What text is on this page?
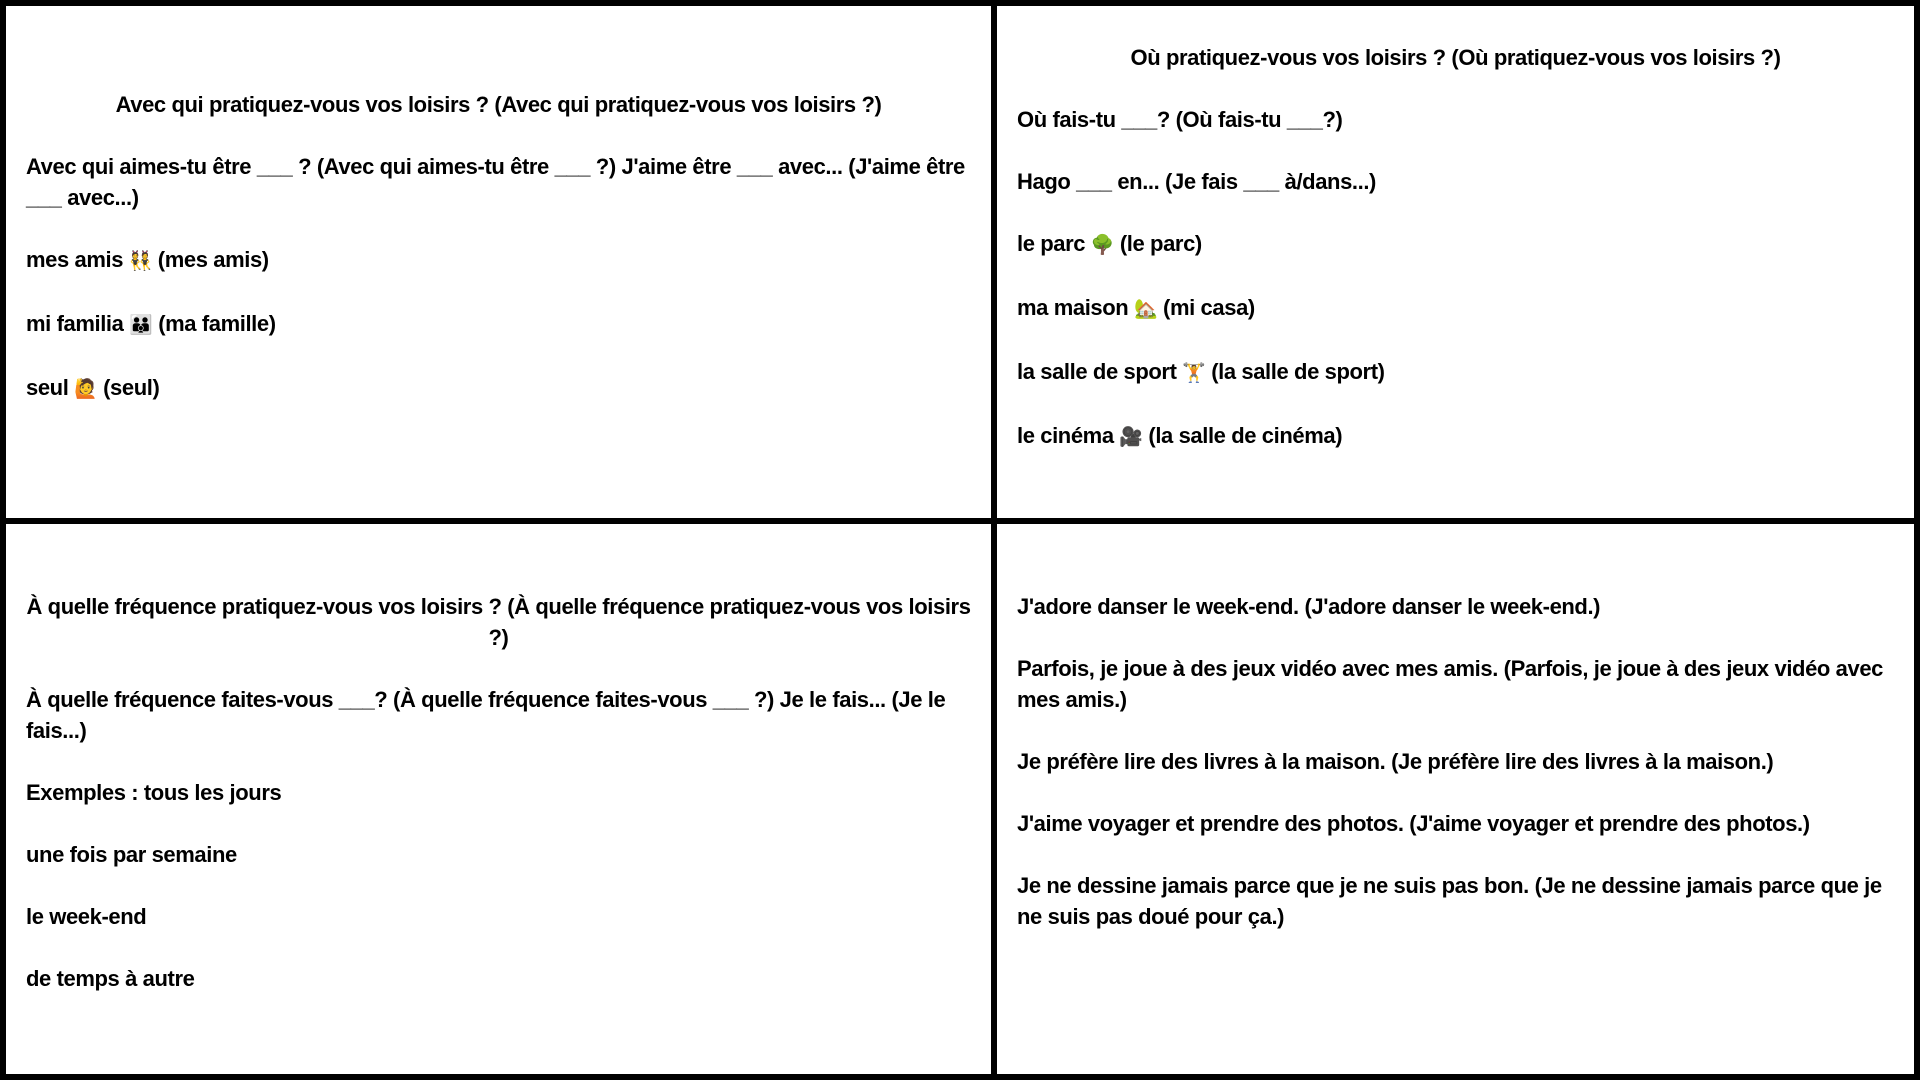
Avec qui pratiquez-vous vos loisirs ? (Avec qui pratiquez-vous vos loisirs ?)

Avec qui aimes-tu être ___ ? (Avec qui aimes-tu être ___ ?) J'aime être ___ avec... (J'aime être ___ avec...)

mes amis 👯 (mes amis)

mi familia 👪 (ma famille)

seul 🙋 (seul)

Où pratiquez-vous vos loisirs ? (Où pratiquez-vous vos loisirs ?)

Où fais-tu ___? (Où fais-tu ___?)

Hago ___ en... (Je fais ___ à/dans...)

le parc 🌳 (le parc)

ma maison 🏡 (mi casa)

la salle de sport 🏋 (la salle de sport)

le cinéma 🎥 (la salle de cinéma)

À quelle fréquence pratiquez-vous vos loisirs ? (À quelle fréquence pratiquez-vous vos loisirs ?)

À quelle fréquence faites-vous ___? (À quelle fréquence faites-vous ___ ?) Je le fais... (Je le fais...)

Exemples : tous les jours

une fois par semaine

le week-end

de temps à autre

J'adore danser le week-end. (J'adore danser le week-end.)

Parfois, je joue à des jeux vidéo avec mes amis. (Parfois, je joue à des jeux vidéo avec mes amis.)

Je préfère lire des livres à la maison. (Je préfère lire des livres à la maison.)

J'aime voyager et prendre des photos. (J'aime voyager et prendre des photos.)

Je ne dessine jamais parce que je ne suis pas bon. (Je ne dessine jamais parce que je ne suis pas doué pour ça.)
